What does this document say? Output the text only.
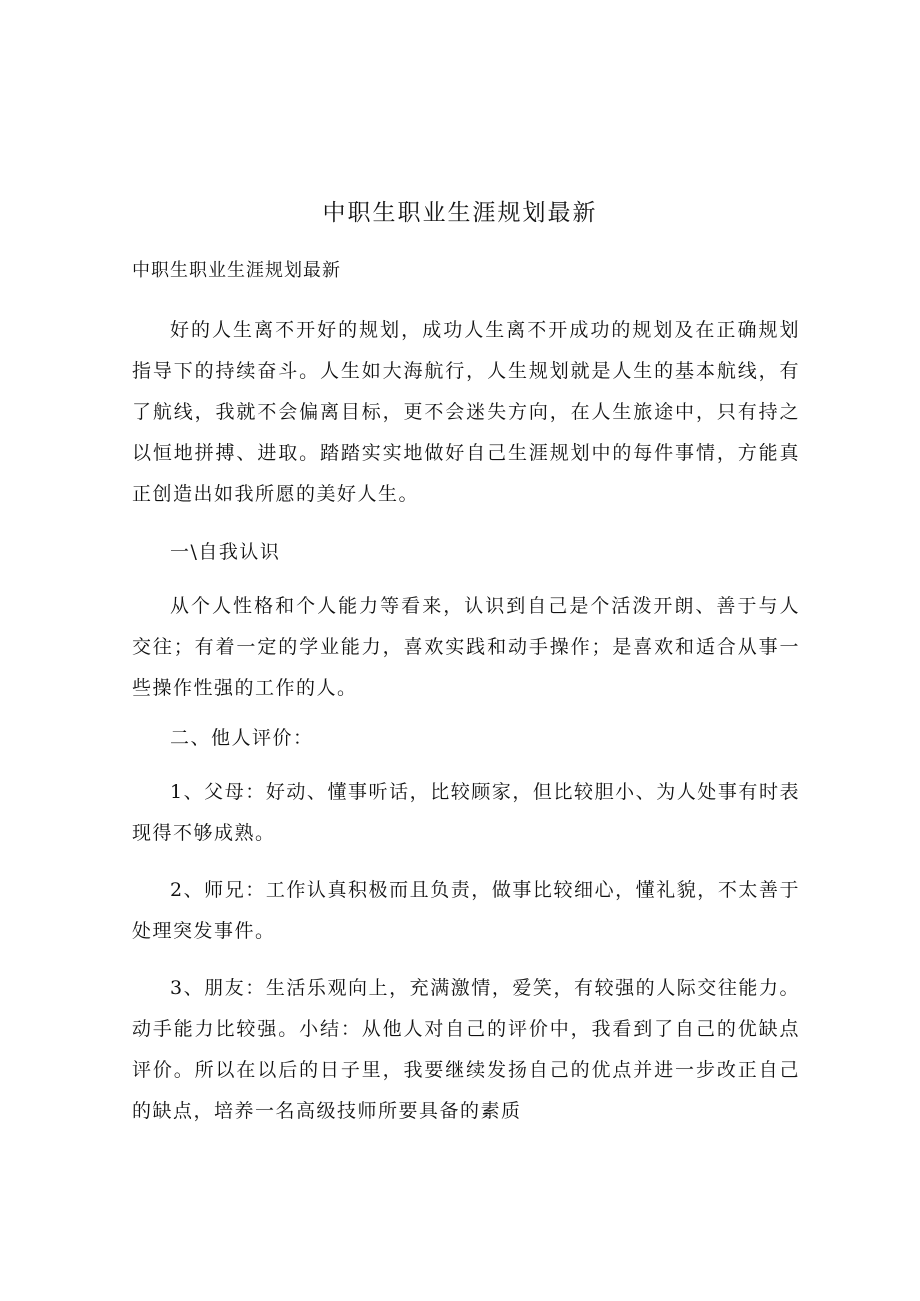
中职生职业生涯规划最新
中职生职业生涯规划最新

好的人生离不开好的规划，成功人生离不开成功的规划及在正确规划指导下的持续奋斗。人生如大海航行，人生规划就是人生的基本航线，有了航线，我就不会偏离目标，更不会迷失方向，在人生旅途中，只有持之以恒地拼搏、进取。踏踏实实地做好自己生涯规划中的每件事情，方能真正创造出如我所愿的美好人生。

一\自我认识

从个人性格和个人能力等看来，认识到自己是个活泼开朗、善于与人交往；有着一定的学业能力，喜欢实践和动手操作；是喜欢和适合从事一些操作性强的工作的人。

二、他人评价：

1、父母：好动、懂事听话，比较顾家，但比较胆小、为人处事有时表现得不够成熟。

2、师兄：工作认真积极而且负责，做事比较细心，懂礼貌，不太善于处理突发事件。

3、朋友：生活乐观向上，充满激情，爱笑，有较强的人际交往能力。动手能力比较强。小结：从他人对自己的评价中，我看到了自己的优缺点评价。所以在以后的日子里，我要继续发扬自己的优点并进一步改正自己的缺点，培养一名高级技师所要具备的素质
